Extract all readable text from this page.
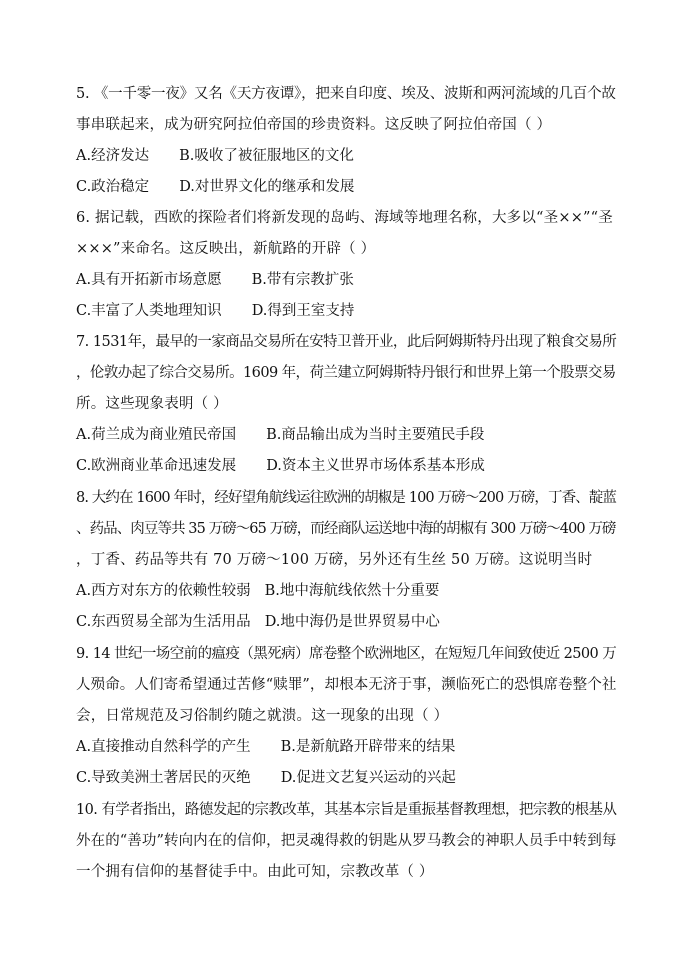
5. 《一千零一夜》又名《天方夜谭》，把来自印度、埃及、波斯和两河流域的几百个故
事串联起来，成为研究阿拉伯帝国的珍贵资料。这反映了阿拉伯帝国（ ）
A.经济发达 B.吸收了被征服地区的文化
C.政治稳定 D.对世界文化的继承和发展
6. 据记载，西欧的探险者们将新发现的岛屿、海域等地理名称，大多以“圣××”“圣
×××”来命名。这反映出，新航路的开辟（ ）
A.具有开拓新市场意愿 B.带有宗教扩张
C.丰富了人类地理知识 D.得到王室支持
7. 1531年，最早的一家商品交易所在安特卫普开业，此后阿姆斯特丹出现了粮食交易所
，伦敦办起了综合交易所。1609 年，荷兰建立阿姆斯特丹银行和世界上第一个股票交易
所。这些现象表明（ ）
A.荷兰成为商业殖民帝国 B.商品输出成为当时主要殖民手段
C.欧洲商业革命迅速发展 D.资本主义世界市场体系基本形成
8. 大约在 1600 年时，经好望角航线运往欧洲的胡椒是 100 万磅～200 万磅，丁香、靛蓝
、药品、肉豆等共 35 万磅～65 万磅，而经商队运送地中海的胡椒有 300 万磅～400 万磅
，丁香、药品等共有 70 万磅～100 万磅，另外还有生丝 50 万磅。这说明当时
A.西方对东方的依赖性较弱 B.地中海航线依然十分重要
C.东西贸易全部为生活用品 D.地中海仍是世界贸易中心
9. 14 世纪一场空前的瘟疫（黑死病）席卷整个欧洲地区，在短短几年间致使近 2500 万
人殒命。人们寄希望通过苦修“赎罪”，却根本无济于事，濒临死亡的恐惧席卷整个社
会，日常规范及习俗制约随之就溃。这一现象的出现（ ）
A.直接推动自然科学的产生 B.是新航路开辟带来的结果
C.导致美洲土著居民的灭绝 D.促进文艺复兴运动的兴起
10. 有学者指出，路德发起的宗教改革，其基本宗旨是重振基督教理想，把宗教的根基从
外在的“善功”转向内在的信仰，把灵魂得救的钥匙从罗马教会的神职人员手中转到每
一个拥有信仰的基督徒手中。由此可知，宗教改革（ ）
